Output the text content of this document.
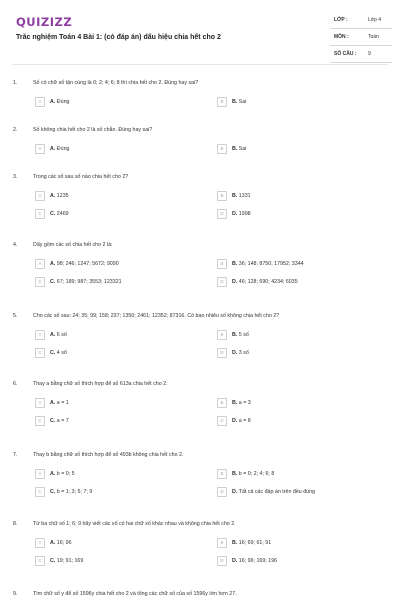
QUIZIZZ
Trắc nghiệm Toán 4 Bài 1: (có đáp án) dấu hiệu chia hết cho 2
LỚP :	Lớp 4
MÔN :	Toán
SỐ CÂU : 9
1.	Số có chữ số tận cùng là 0; 2; 4; 6; 8 thì chia hết cho 2. Đúng hay sai?
A	A. Đúng	B	B. Sai
2.	Số không chia hết cho 2 là số chẵn. Đúng hay sai?
A	A. Đúng	B	B. Sai
3.	Trong các số sau số nào chia hết cho 2?
A	A. 1235	B	B. 1331
C	C. 2469	D	D. 1998
4.	Dãy gồm các số chia hết cho 2 là:
A	A. 98; 246; 1247; 5672; 9090	B	B. 36; 148; 8750; 17952; 3344
C	C. 67; 189; 987; 3553; 123321	D	D. 46; 128; 690; 4234; 6035
5.	Cho các số sau: 24; 35; 99; 158; 237; 1350; 2461; 12352; 87316. Có bao nhiêu số không chia hết cho 2?
A	A. 6 số	B	B. 5 số
C	C. 4 số	D	D. 3 số
6.	Thay a bằng chữ số thích hợp để số 613a chia hết cho 2.
A	A. a = 1	B	B. a = 3
C	C. a = 7	D	D. a = 8
7.	Thay b bằng chữ số thích hợp để số 493b không chia hết cho 2.
A	A. b = 0; 5	B	B. b = 0; 2; 4; 6; 8
C	C. b = 1; 3; 5; 7; 9	D	D. Tất cả các đáp án trên đều đúng
8.	Từ ba chữ số 1; 6; 9 hãy viết các số có hai chữ số khác nhau và không chia hết cho 2.
A	A. 16; 96	B	B. 16; 69; 61; 91
C	C. 19; 91; 169	D	D. 16; 96; 169; 196
9.	Tìm chữ số y để số 1596y chia hết cho 2 và tổng các chữ số của số 1596y lớn hơn 27.
